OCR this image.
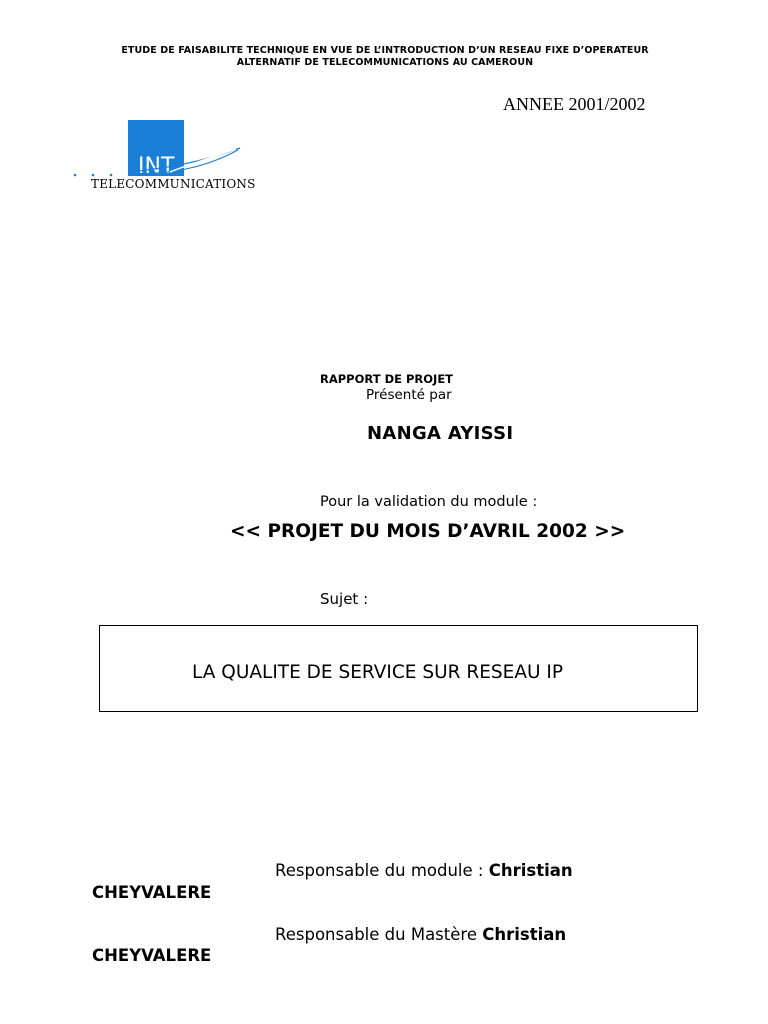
ETUDE DE FAISABILITE TECHNIQUE EN VUE DE L’INTRODUCTION D’UN RESEAU FIXE D’OPERATEUR
ALTERNATIF DE TELECOMMUNICATIONS AU CAMEROUN
ANNEE 2001/2002
INT
TELECOMMUNICATIONS
RAPPORT DE PROJET
Présenté par
NANGA AYISSI
Pour la validation du module :
<< PROJET DU MOIS D’AVRIL 2002 >>
Sujet :
LA QUALITE DE SERVICE SUR RESEAU IP
Responsable du module : Christian
CHEYVALERE
Responsable du Mastère Christian
CHEYVALERE
